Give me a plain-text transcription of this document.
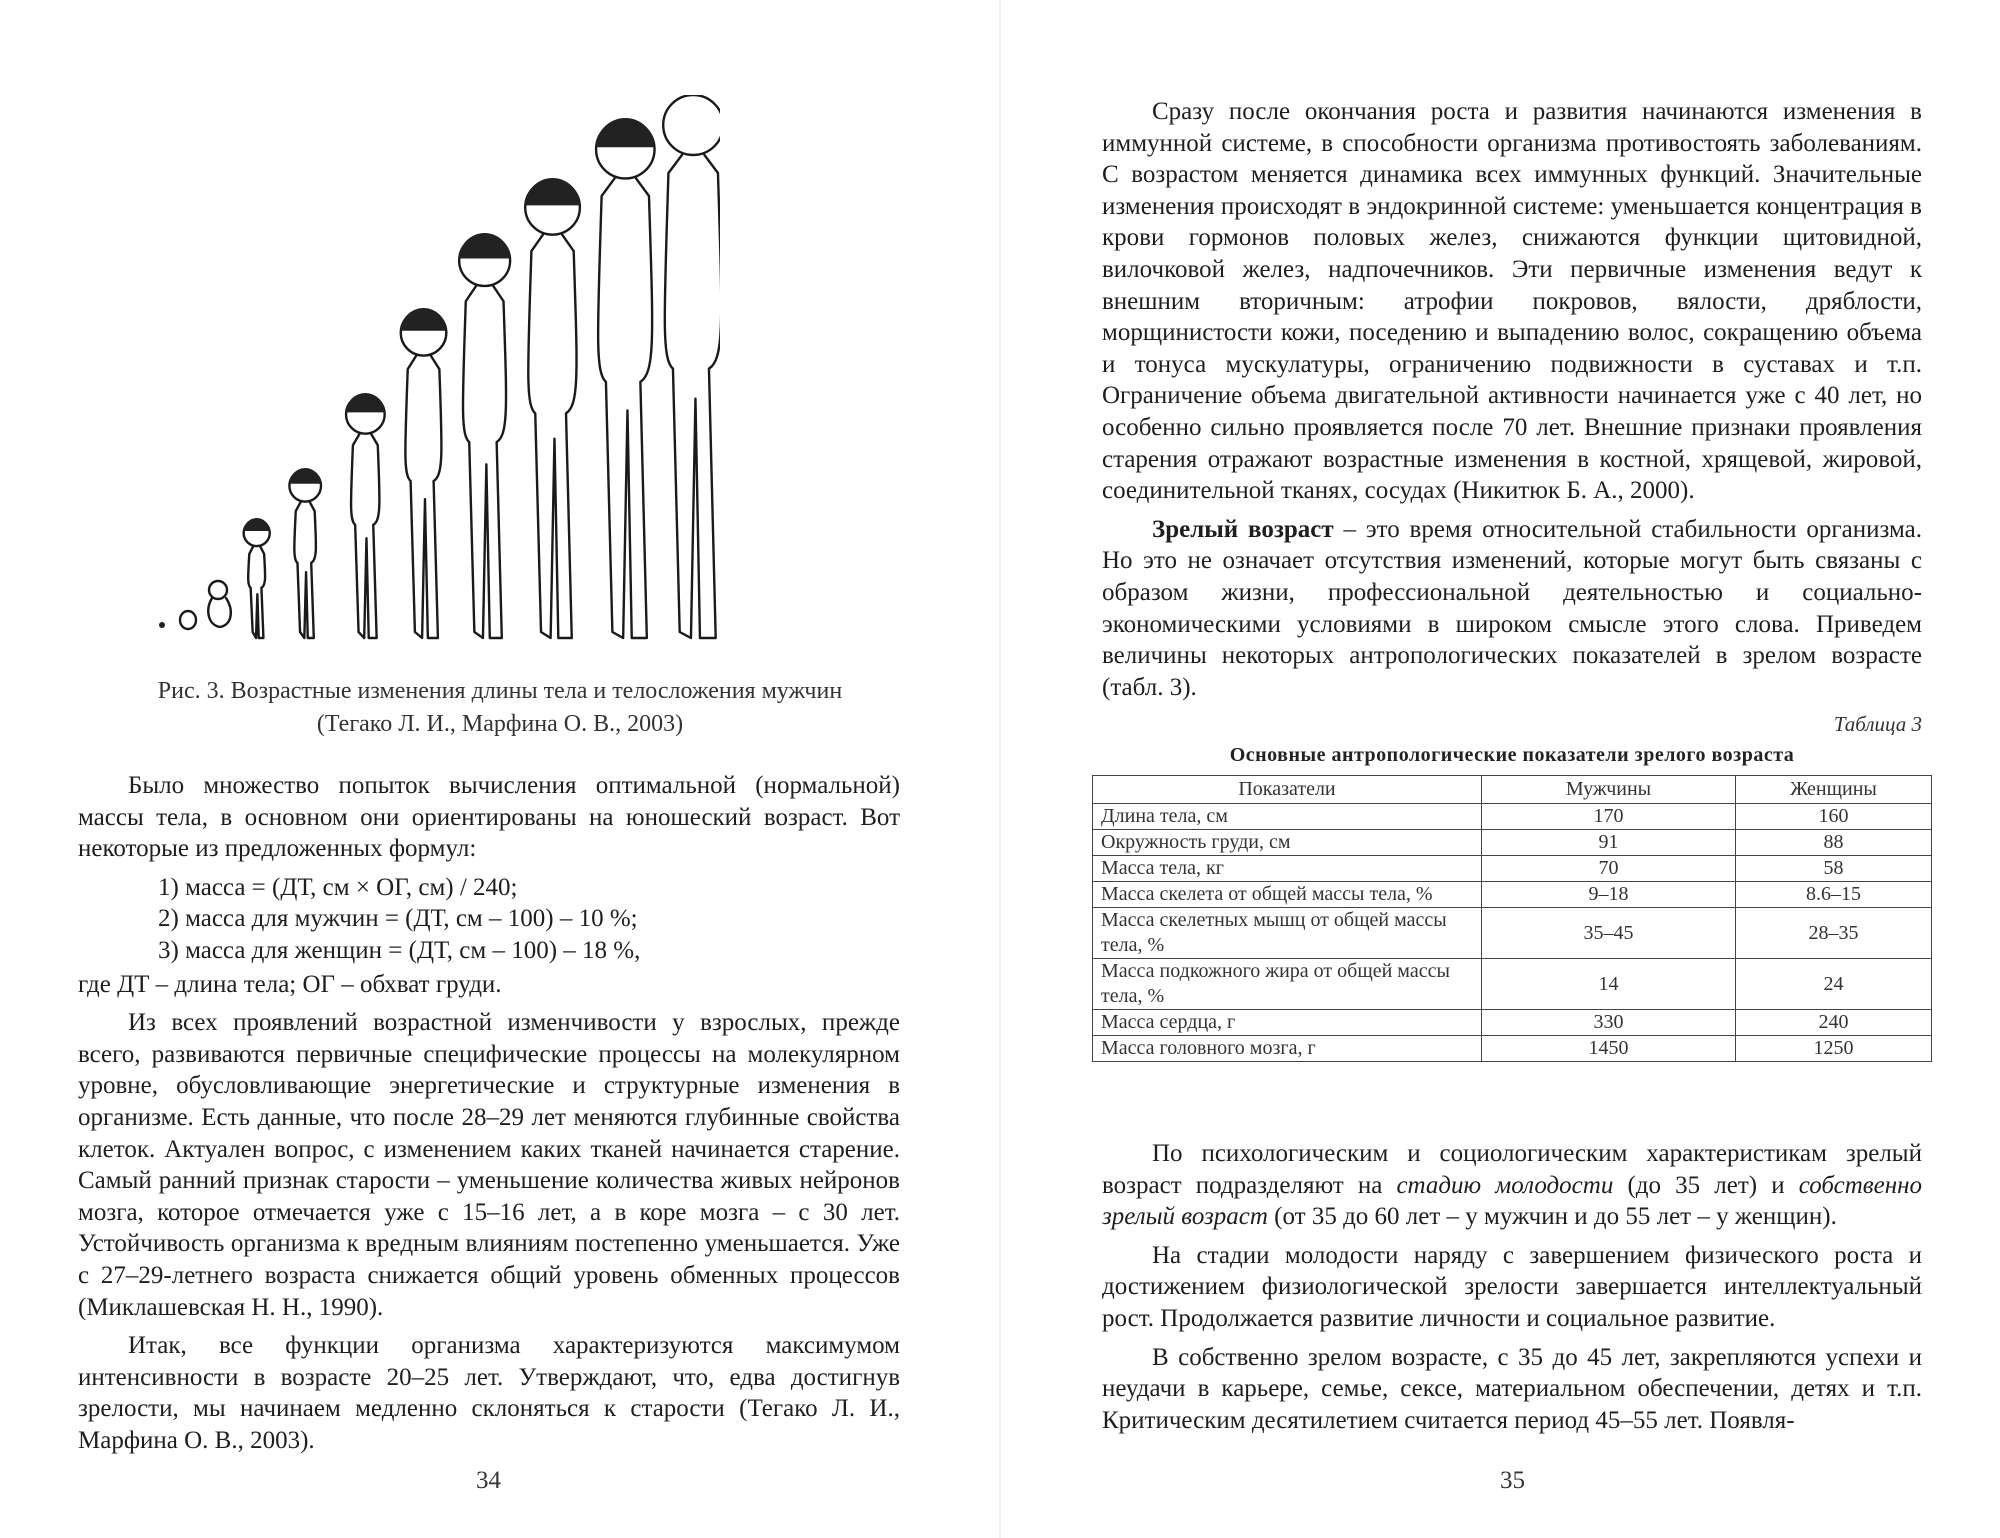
Рис. 3. Возрастные изменения длины тела и телосложения мужчин
(Тегако Л. И., Марфина О. В., 2003)

Было множество попыток вычисления оптимальной (нормальной) массы тела, в основном они ориентированы на юношеский возраст. Вот некоторые из предложенных формул:

1) масса = (ДТ, см × ОГ, см) / 240;

2) масса для мужчин = (ДТ, см – 100) – 10 %;

3) масса для женщин = (ДТ, см – 100) – 18 %,

где ДТ – длина тела; ОГ – обхват груди.

Из всех проявлений возрастной изменчивости у взрослых, прежде всего, развиваются первичные специфические процессы на молекулярном уровне, обусловливающие энергетические и структурные изменения в организме. Есть данные, что после 28–29 лет меняются глубинные свойства клеток. Актуален вопрос, с изменением каких тканей начинается старение. Самый ранний признак старости – уменьшение количества живых нейронов мозга, которое отмечается уже с 15–16 лет, а в коре мозга – с 30 лет. Устойчивость организма к вредным влияниям постепенно уменьшается. Уже с 27–29-летнего возраста снижается общий уровень обменных процессов (Миклашевская Н. Н., 1990).

Итак, все функции организма характеризуются максимумом интенсивности в возрасте 20–25 лет. Утверждают, что, едва достигнув зрелости, мы начинаем медленно склоняться к старости (Тегако Л. И., Марфина О. В., 2003).

34

Сразу после окончания роста и развития начинаются изменения в иммунной системе, в способности организма противостоять заболеваниям. С возрастом меняется динамика всех иммунных функций. Значительные изменения происходят в эндокринной системе: уменьшается концентрация в крови гормонов половых желез, снижаются функции щитовидной, вилочковой желез, надпочечников. Эти первичные изменения ведут к внешним вторичным: атрофии покровов, вялости, дряблости, морщинистости кожи, поседению и выпадению волос, сокращению объема и тонуса мускулатуры, ограничению подвижности в суставах и т.п. Ограничение объема двигательной активности начинается уже с 40 лет, но особенно сильно проявляется после 70 лет. Внешние признаки проявления старения отражают возрастные изменения в костной, хрящевой, жировой, соединительной тканях, сосудах (Никитюк Б. А., 2000).

Зрелый возраст – это время относительной стабильности организма. Но это не означает отсутствия изменений, которые могут быть связаны с образом жизни, профессиональной деятельностью и социально-экономическими условиями в широком смысле этого слова. Приведем величины некоторых антропологических показателей в зрелом возрасте (табл. 3).

Таблица 3
Основные антропологические показатели зрелого возраста
Показатели	Мужчины	Женщины
Длина тела, см	170	160
Окружность груди, см	91	88
Масса тела, кг	70	58
Масса скелета от общей массы тела, %	9–18	8.6–15
Масса скелетных мышц от общей массы тела, %	35–45	28–35
Масса подкожного жира от общей массы тела, %	14	24
Масса сердца, г	330	240
Масса головного мозга, г	1450	1250

По психологическим и социологическим характеристикам зрелый возраст подразделяют на стадию молодости (до 35 лет) и собственно зрелый возраст (от 35 до 60 лет – у мужчин и до 55 лет – у женщин).

На стадии молодости наряду с завершением физического роста и достижением физиологической зрелости завершается интеллектуальный рост. Продолжается развитие личности и социальное развитие.

В собственно зрелом возрасте, с 35 до 45 лет, закрепляются успехи и неудачи в карьере, семье, сексе, материальном обеспечении, детях и т.п. Критическим десятилетием считается период 45–55 лет. Появля-

35
